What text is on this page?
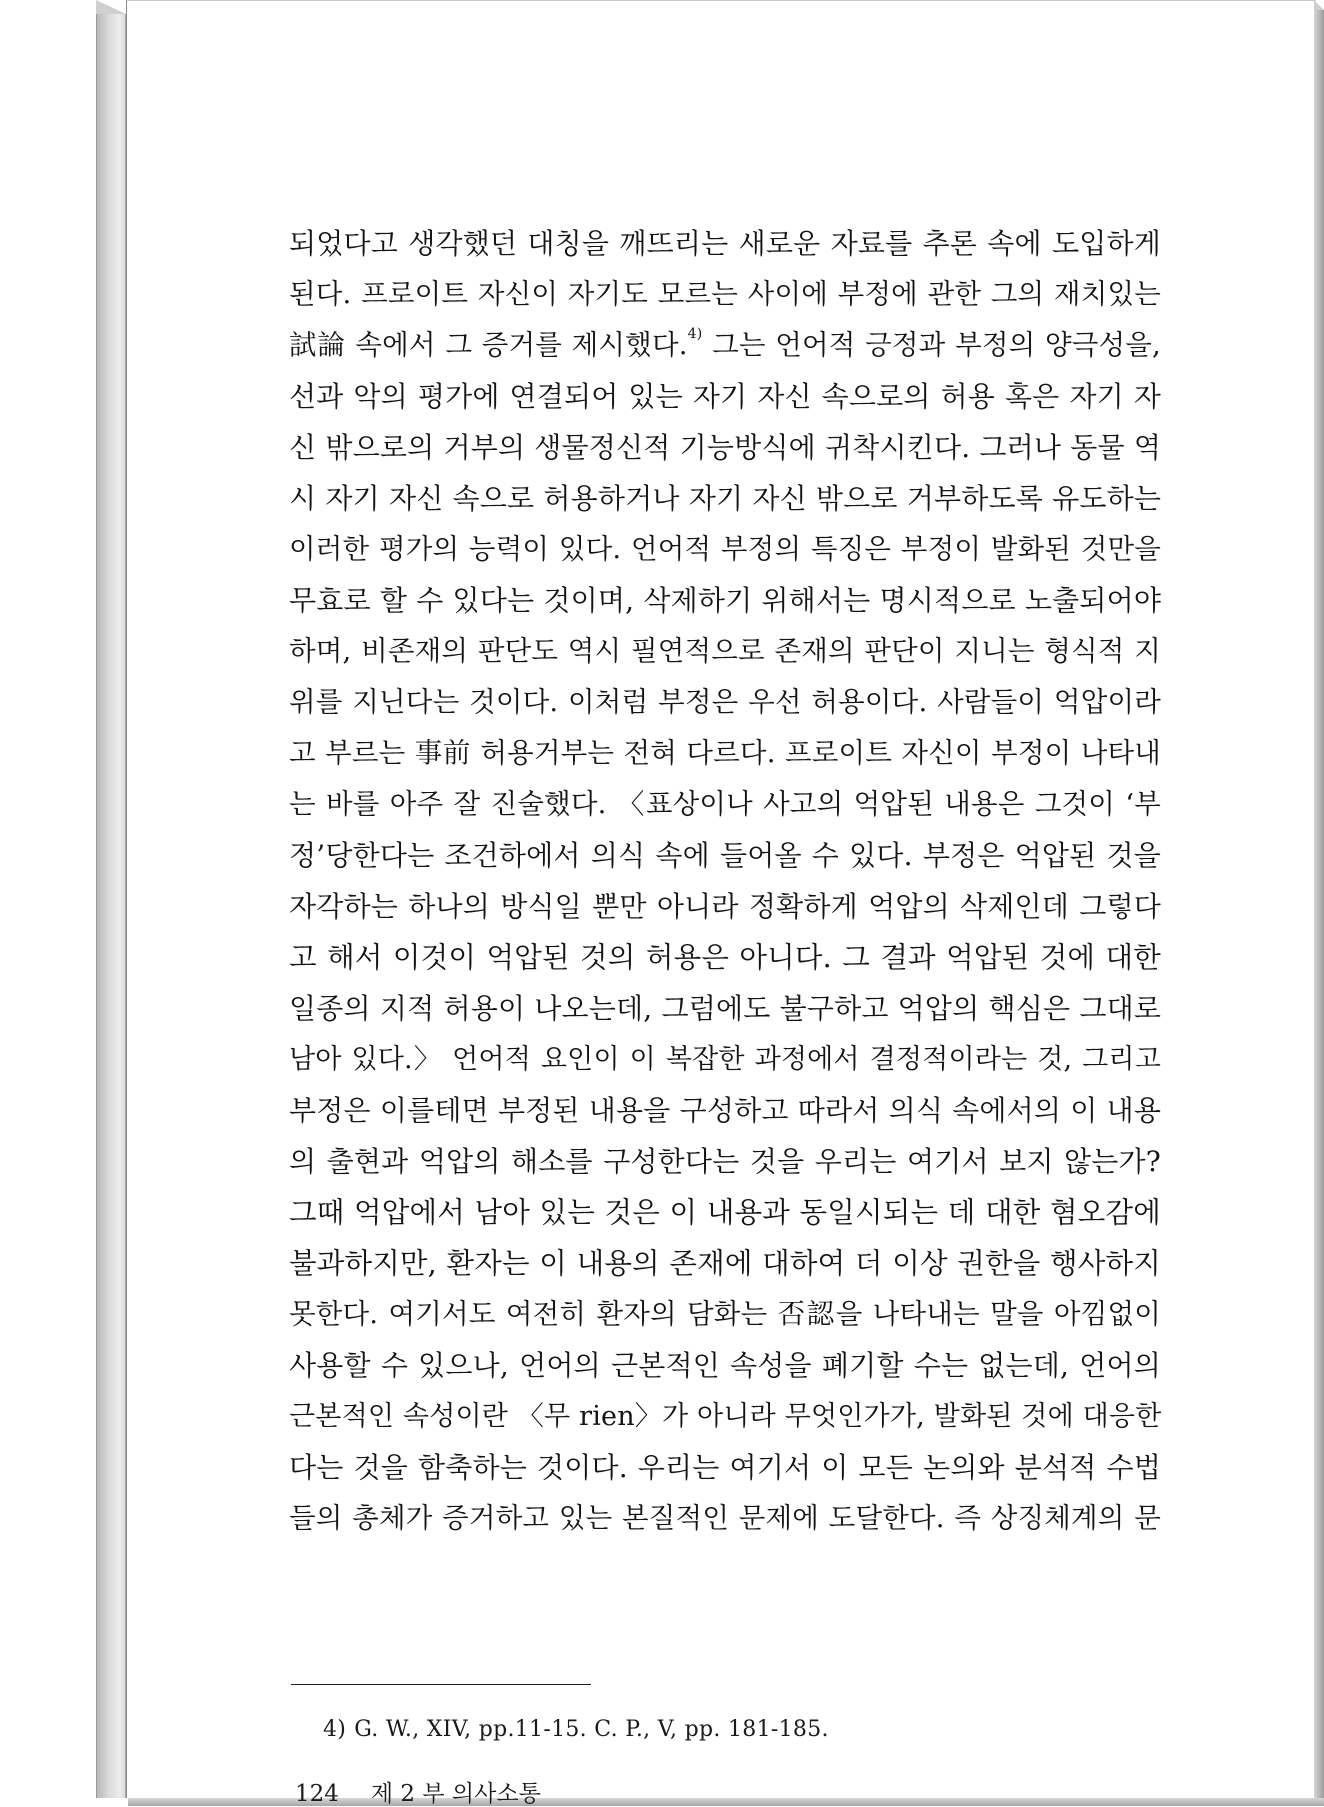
되었다고 생각했던 대칭을 깨뜨리는 새로운 자료를 추론 속에 도입하게
된다. 프로이트 자신이 자기도 모르는 사이에 부정에 관한 그의 재치있는
試論 속에서 그 증거를 제시했다.$^{4)}$ 그는 언어적 긍정과 부정의 양극성을,
선과 악의 평가에 연결되어 있는 자기 자신 속으로의 허용 혹은 자기 자
신 밖으로의 거부의 생물정신적 기능방식에 귀착시킨다. 그러나 동물 역
시 자기 자신 속으로 허용하거나 자기 자신 밖으로 거부하도록 유도하는
이러한 평가의 능력이 있다. 언어적 부정의 특징은 부정이 발화된 것만을
무효로 할 수 있다는 것이며, 삭제하기 위해서는 명시적으로 노출되어야
하며, 비존재의 판단도 역시 필연적으로 존재의 판단이 지니는 형식적 지
위를 지닌다는 것이다. 이처럼 부정은 우선 허용이다. 사람들이 억압이라
고 부르는 事前 허용거부는 전혀 다르다. 프로이트 자신이 부정이 나타내
는 바를 아주 잘 진술했다. 〈표상이나 사고의 억압된 내용은 그것이 ‘부
정’당한다는 조건하에서 의식 속에 들어올 수 있다. 부정은 억압된 것을
자각하는 하나의 방식일 뿐만 아니라 정확하게 억압의 삭제인데 그렇다
고 해서 이것이 억압된 것의 허용은 아니다. 그 결과 억압된 것에 대한
일종의 지적 허용이 나오는데, 그럼에도 불구하고 억압의 핵심은 그대로
남아 있다.〉 언어적 요인이 이 복잡한 과정에서 결정적이라는 것, 그리고
부정은 이를테면 부정된 내용을 구성하고 따라서 의식 속에서의 이 내용
의 출현과 억압의 해소를 구성한다는 것을 우리는 여기서 보지 않는가?
그때 억압에서 남아 있는 것은 이 내용과 동일시되는 데 대한 혐오감에
불과하지만, 환자는 이 내용의 존재에 대하여 더 이상 권한을 행사하지
못한다. 여기서도 여전히 환자의 담화는 否認을 나타내는 말을 아낌없이
사용할 수 있으나, 언어의 근본적인 속성을 폐기할 수는 없는데, 언어의
근본적인 속성이란 〈무 rien〉가 아니라 무엇인가가, 발화된 것에 대응한
다는 것을 함축하는 것이다. 우리는 여기서 이 모든 논의와 분석적 수법
들의 총체가 증거하고 있는 본질적인 문제에 도달한다. 즉 상징체계의 문
4) G. W., XIV, pp.11-15. C. P., V, pp. 181-185.
124 제 2 부 의사소통
